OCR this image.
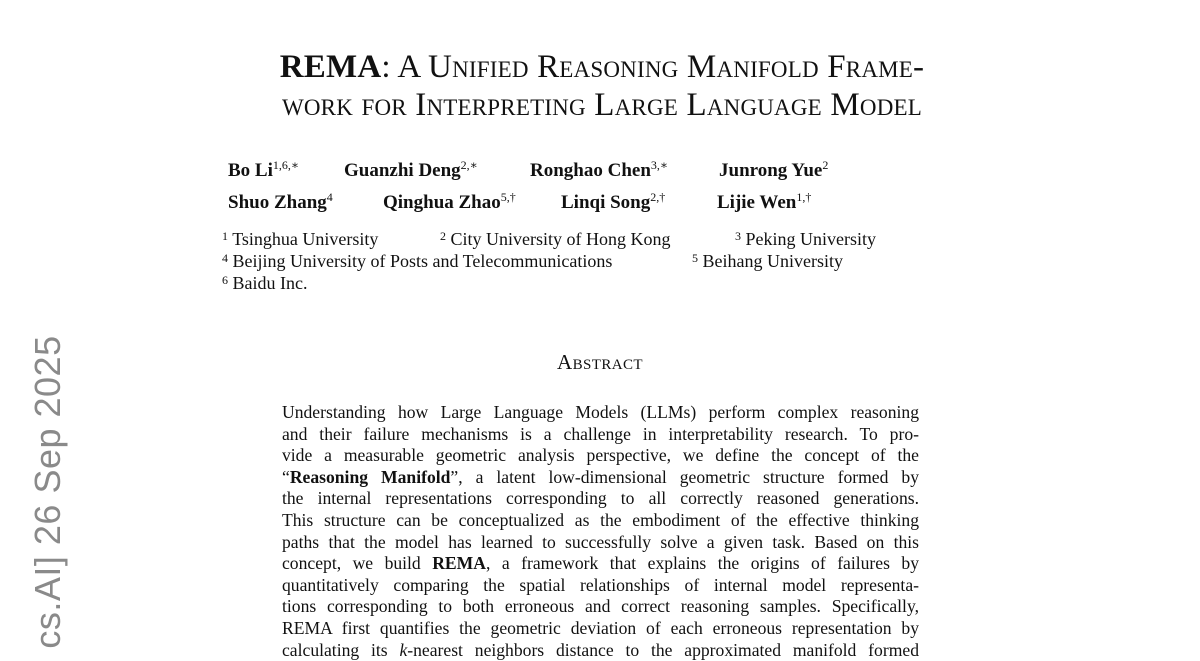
cs.AI] 26 Sep 2025
REMA: A Unified Reasoning Manifold Frame-
work for Interpreting Large Language Model
Bo $Li^{1,6,∗}$ Guanzhi Deng$^{2,∗}$	Ronghao Chen$^{3,∗}$	Junrong Yue$^2$
Shuo Zhang$^4$	Qinghua Zhao$^{5,\dagger}$ Linqi Song$^{2,\dagger}$	Lijie Wen$^{1,\dagger}$
$^1$ Tsinghua University	$^2$ City University of Hong Kong	$^3$ Peking University
$^4$ Beijing University of Posts and Telecommunications	$^5$ Beihang University
$^6$ Baidu Inc.
Abstract
Understanding how Large Language Models (LLMs) perform complex reasoning
and their failure mechanisms is a challenge in interpretability research. To pro-
vide a measurable geometric analysis perspective, we define the concept of the
“Reasoning Manifold”, a latent low-dimensional geometric structure formed by
the internal representations corresponding to all correctly reasoned generations.
This structure can be conceptualized as the embodiment of the effective thinking
paths that the model has learned to successfully solve a given task. Based on this
concept, we build REMA, a framework that explains the origins of failures by
quantitatively comparing the spatial relationships of internal model representa-
tions corresponding to both erroneous and correct reasoning samples. Specifically,
REMA first quantifies the geometric deviation of each erroneous representation by
calculating its k-nearest neighbors distance to the approximated manifold formed
